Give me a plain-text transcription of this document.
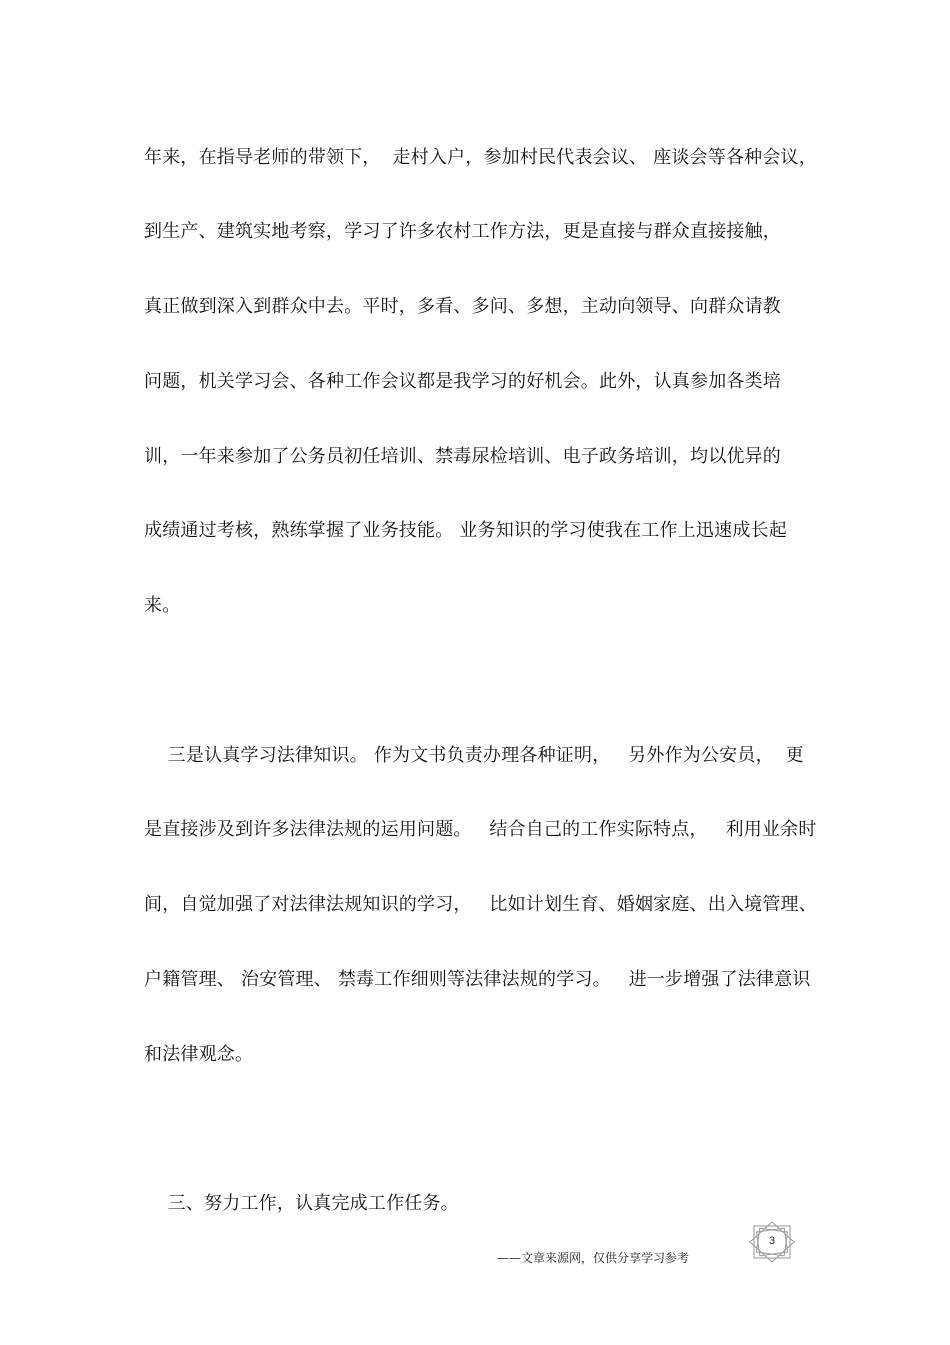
年来，在指导老师的带领下，  走村入户，参加村民代表会议、 座谈会等各种会议，
到生产、建筑实地考察，学习了许多农村工作方法，更是直接与群众直接接触，
真正做到深入到群众中去。平时，多看、多问、多想，主动向领导、向群众请教
问题，机关学习会、各种工作会议都是我学习的好机会。此外，认真参加各类培
训，一年来参加了公务员初任培训、禁毒尿检培训、电子政务培训，均以优异的
成绩通过考核，熟练掌握了业务技能。 业务知识的学习使我在工作上迅速成长起
来。
三是认真学习法律知识。 作为文书负责办理各种证明，   另外作为公安员，  更
是直接涉及到许多法律法规的运用问题。   结合自己的工作实际特点，   利用业余时
间，自觉加强了对法律法规知识的学习，   比如计划生育、婚姻家庭、出入境管理、
户籍管理、 治安管理、 禁毒工作细则等法律法规的学习。   进一步增强了法律意识
和法律观念。
三、努力工作，认真完成工作任务。
——文章来源网，仅供分享学习参考
3
